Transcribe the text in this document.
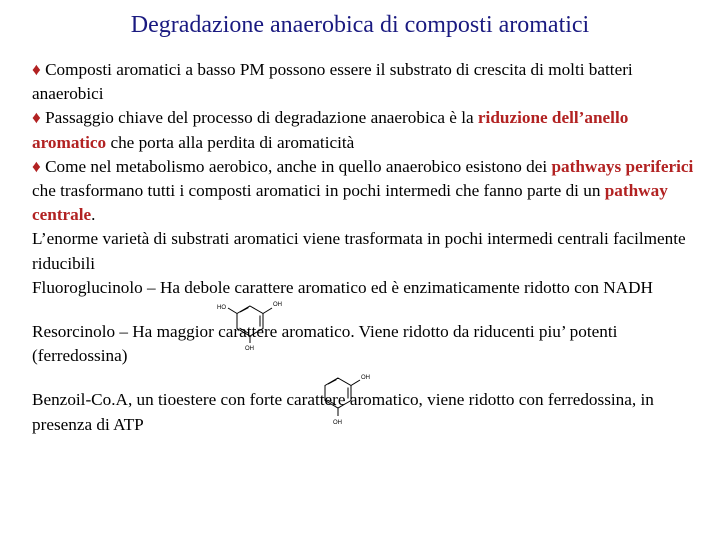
Degradazione anaerobica di composti aromatici

♦ Composti aromatici a basso PM possono essere il substrato di crescita di molti batteri anaerobici

♦ Passaggio chiave del processo di degradazione anaerobica è la riduzione dell’anello aromatico che porta alla perdita di aromaticità

♦ Come nel metabolismo aerobico, anche in quello anaerobico esistono dei pathways periferici che trasformano tutti i composti aromatici in pochi intermedi che fanno parte di un pathway centrale.

L’enorme varietà di substrati aromatici viene trasformata in pochi intermedi centrali facilmente riducibili

Fluoroglucinolo – Ha debole carattere aromatico ed è enzimaticamente ridotto con NADH

Resorcinolo – Ha maggior carattere aromatico. Viene ridotto da riducenti piu’ potenti (ferredossina)

Benzoil-Co.A, un tioestere con forte carattere aromatico, viene ridotto con ferredossina, in presenza di ATP

HO	OH
OH
OH
OH
